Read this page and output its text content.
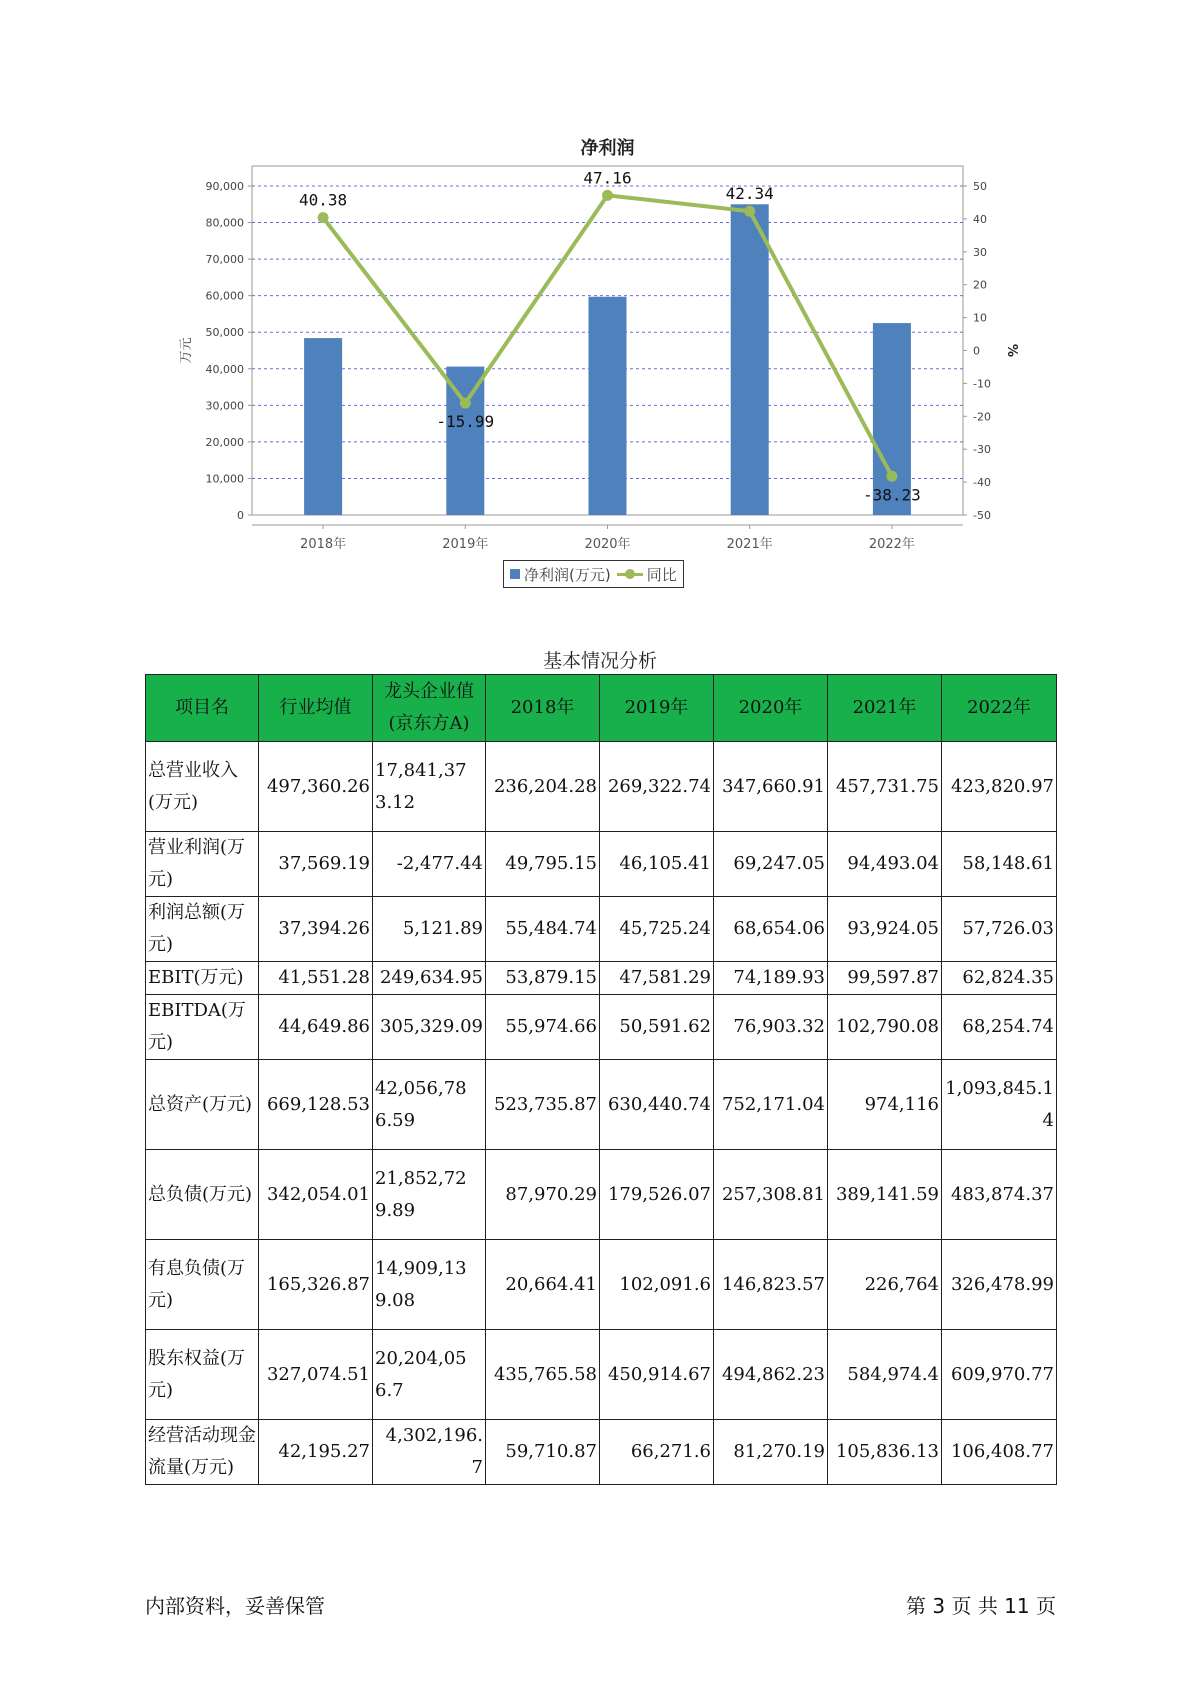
净利润
0
10,000
20,000
30,000
40,000
50,000
60,000
70,000
80,000
90,000
-50
-40
-30
-20
-10
0
10
20
30
40
50
万元	%
2018年	2019年	2020年	2021年	2022年
40.38
-15.99
47.16
42.34
-38.23
净利润(万元) 同比
基本情况分析
项目名	行业均值	龙头企业值(京东方A)	2018年	2019年	2020年	2021年	2022年
总营业收入(万元)	497,360.26	17,841,373.12	236,204.28	269,322.74	347,660.91	457,731.75	423,820.97
营业利润(万元)	37,569.19	-2,477.44	49,795.15	46,105.41	69,247.05	94,493.04	58,148.61
利润总额(万元)	37,394.26	5,121.89	55,484.74	45,725.24	68,654.06	93,924.05	57,726.03
EBIT(万元)	41,551.28	249,634.95	53,879.15	47,581.29	74,189.93	99,597.87	62,824.35
EBITDA(万元)	44,649.86	305,329.09	55,974.66	50,591.62	76,903.32	102,790.08	68,254.74
总资产(万元)	669,128.53	42,056,786.59	523,735.87	630,440.74	752,171.04	974,116	1,093,845.14
总负债(万元)	342,054.01	21,852,729.89	87,970.29	179,526.07	257,308.81	389,141.59	483,874.37
有息负债(万元)	165,326.87	14,909,139.08	20,664.41	102,091.6	146,823.57	226,764	326,478.99
股东权益(万元)	327,074.51	20,204,056.7	435,765.58	450,914.67	494,862.23	584,974.4	609,970.77
经营活动现金流量(万元)	42,195.27	4,302,196.7	59,710.87	66,271.6	81,270.19	105,836.13	106,408.77
内部资料，妥善保管	第 3 页 共 11 页
